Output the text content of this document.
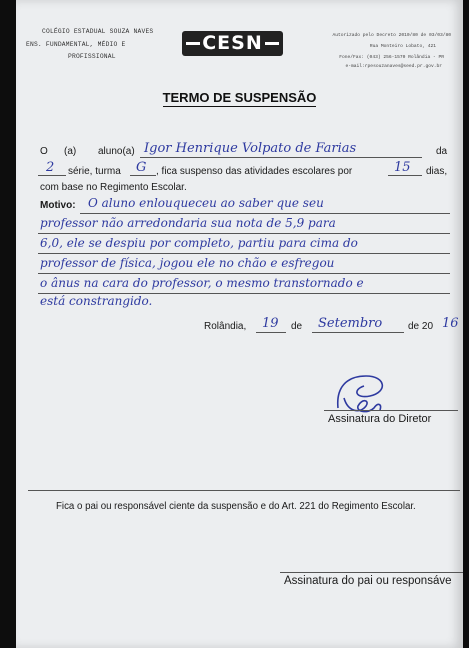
COLÉGIO ESTADUAL SOUZA NAVES
ENS. FUNDAMENTAL, MÉDIO E
PROFISSIONAL
CESN	Autorizado pelo Decreto 2010/80 de 03/03/80
Rua Monteiro Lobato, 421
Fone/Fax: (043) 256-1570 Rolândia - PR
e-mail:rpesouzanaves@seed.pr.gov.br
TERMO DE SUSPENSÃO
O (a) aluno(a) Igor Henrique Volpato de Farias	da
2 série, turma G , fica suspenso das atividades escolares por	15 dias,
com base no Regimento Escolar.
Motivo: O aluno enlouqueceu ao saber que seu
professor não arredondaria sua nota de 5,9 para
6,0, ele se despiu por completo, partiu para cima do
professor de física, jogou ele no chão e esfregou
o ânus na cara do professor, o mesmo transtornado e
está constrangido.
Rolândia, 19 de Setembro	de 20 16
Assinatura do Diretor
Fica o pai ou responsável ciente da suspensão e do Art. 221 do Regimento Escolar.
Assinatura do pai ou responsáve
